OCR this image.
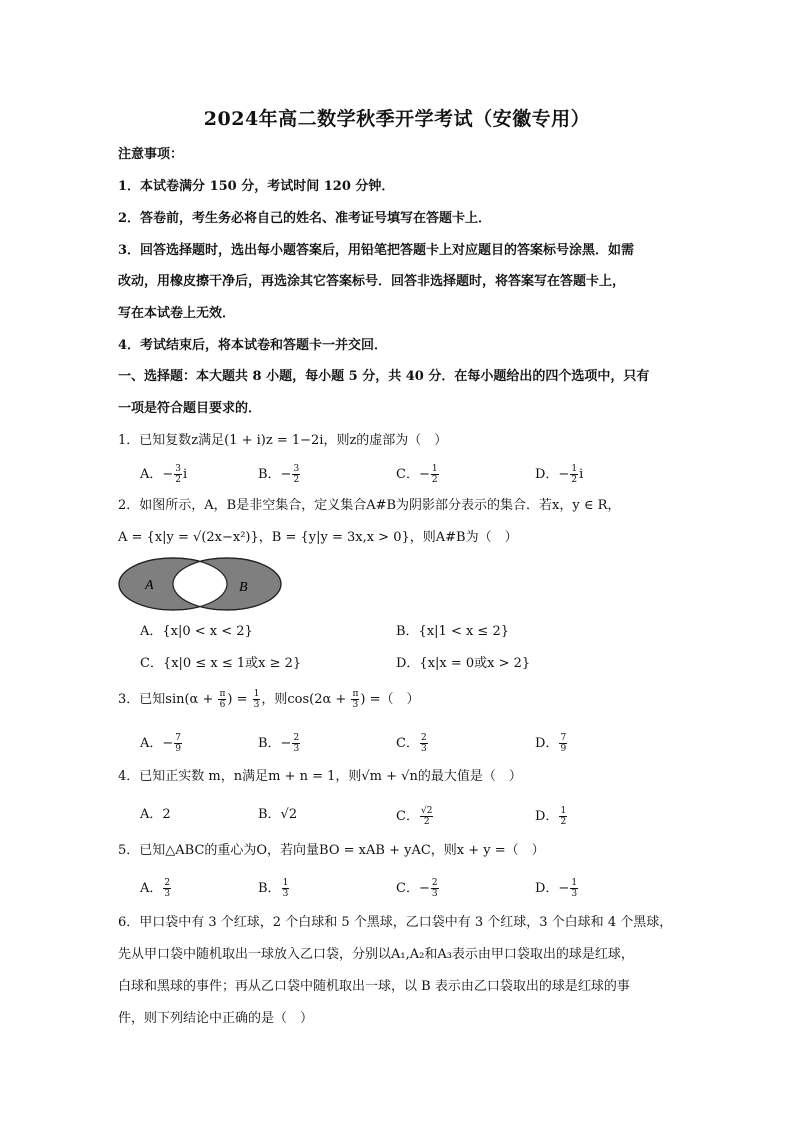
2024年高二数学秋季开学考试（安徽专用）
注意事项：
1．本试卷满分 150 分，考试时间 120 分钟．
2．答卷前，考生务必将自己的姓名、准考证号填写在答题卡上．
3．回答选择题时，选出每小题答案后，用铅笔把答题卡上对应题目的答案标号涂黑．如需
改动，用橡皮擦干净后，再选涂其它答案标号．回答非选择题时，将答案写在答题卡上，
写在本试卷上无效．
4．考试结束后，将本试卷和答题卡一并交回．
一、选择题：本大题共 8 小题，每小题 5 分，共 40 分．在每小题给出的四个选项中，只有
一项是符合题目要求的．
1．已知复数z满足(1 + i)z = 1−2i，则z的虚部为（　）
A．− $\frac{3}{2}$ i	B．− $\frac{3}{2}$	C．− $\frac{1}{2}$	D．− $\frac{1}{2}$ i
2．如图所示，A，B是非空集合，定义集合A#B为阴影部分表示的集合．若x，y ∈ R，
A = {x|y = √(2x−x²)}，B = {y|y = 3x,x > 0}，则A#B为（　）
A	B
A．{x|0 < x < 2}	B．{x|1 < x ≤ 2}
C．{x|0 ≤ x ≤ 1或x ≥ 2}	D．{x|x = 0或x > 2}
3．已知$\sin(\alpha + \frac{\pi}{6}$ ) = $\frac{1}{3}$ ，则$\cos(2\alpha + \frac{\pi}{3}$ ) =（　）
A．− $\frac{7}{9}$	B．− $\frac{2}{3}$	C． $\frac{2}{3}$	D． $\frac{7}{9}$
4．已知正实数 m，n满足m + n = 1，则√m + √n的最大值是（　）
A．2	B．√2	C． $\frac{√2}{2}$	D． $\frac{1}{2}$
5．已知△ABC的重心为O，若向量BO = xAB + yAC，则x + y =（　）
A． $\frac{2}{3}$	B． $\frac{1}{3}$	C．− $\frac{2}{3}$	D．− $\frac{1}{3}$
6．甲口袋中有 3 个红球，2 个白球和 5 个黑球，乙口袋中有 3 个红球，3 个白球和 4 个黑球，
先从甲口袋中随机取出一球放入乙口袋，分别以A₁,A₂和A₃表示由甲口袋取出的球是红球，
白球和黑球的事件；再从乙口袋中随机取出一球，以 B 表示由乙口袋取出的球是红球的事
件，则下列结论中正确的是（　）
